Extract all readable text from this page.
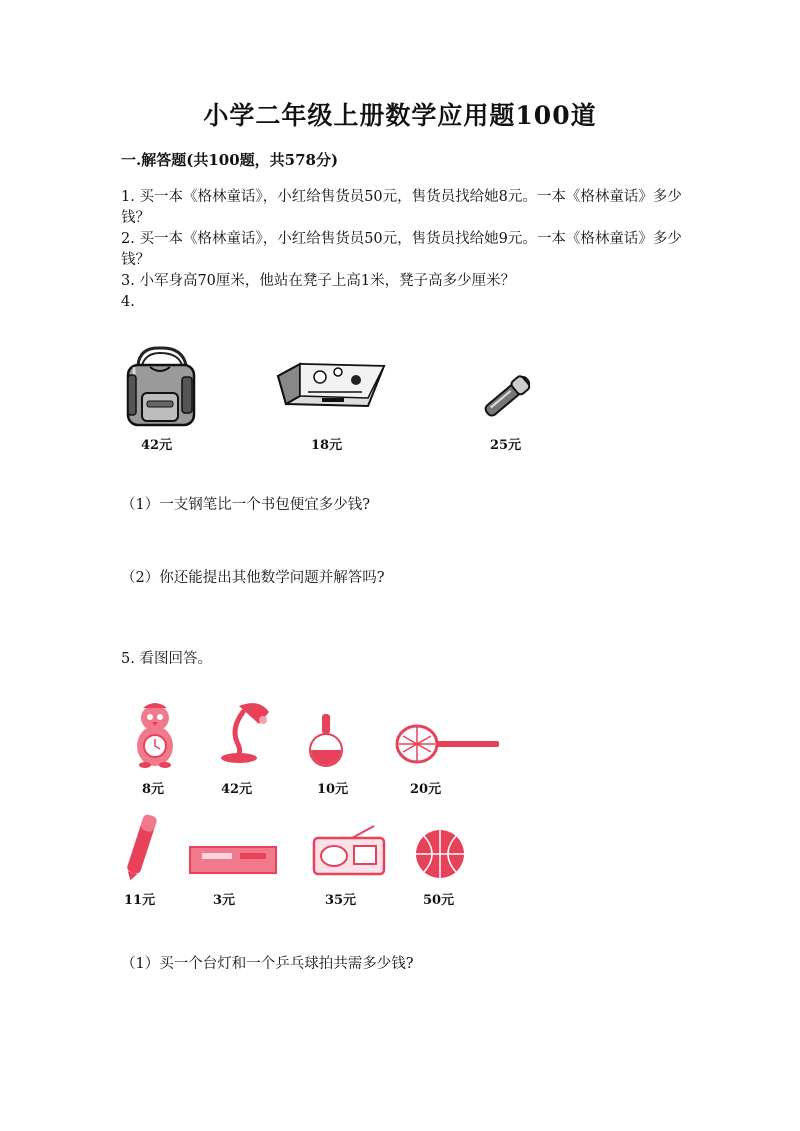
小学二年级上册数学应用题100道
一.解答题(共100题，共578分)
1. 买一本《格林童话》，小红给售货员50元，售货员找给她8元。一本《格林童话》多少钱？
2. 买一本《格林童话》，小红给售货员50元，售货员找给她9元。一本《格林童话》多少钱？
3. 小军身高70厘米，他站在凳子上高1米，凳子高多少厘米？
4.
42元	18元	25元
（1）一支钢笔比一个书包便宜多少钱?
（2）你还能提出其他数学问题并解答吗?
5. 看图回答。
8元	42元	10元	20元
11元	3元	35元	50元
（1）买一个台灯和一个乒乓球拍共需多少钱?
